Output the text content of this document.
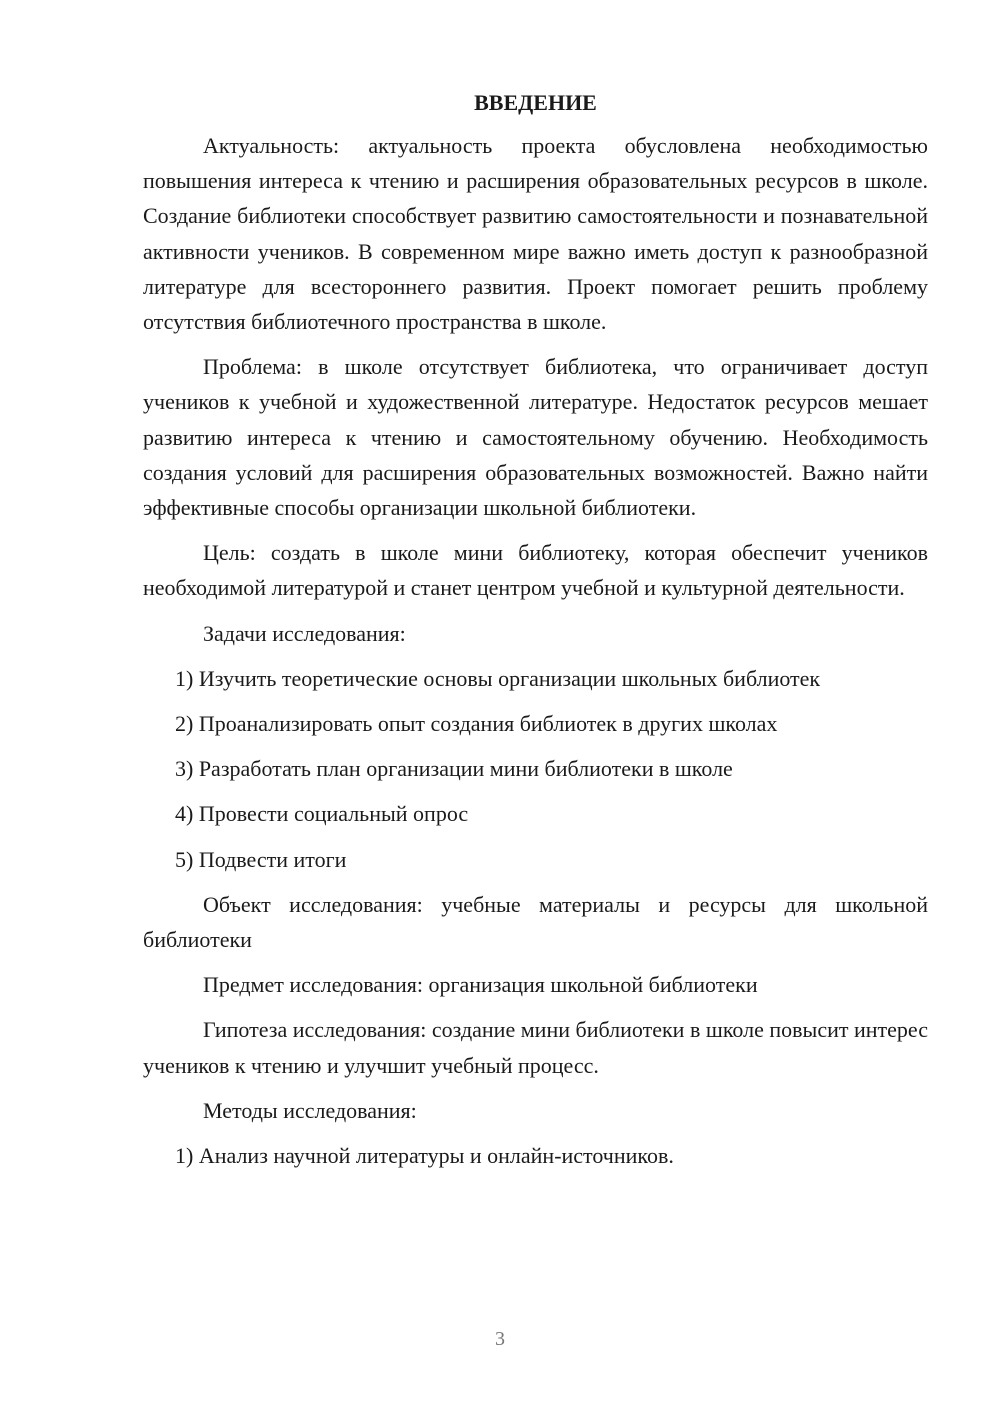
ВВЕДЕНИЕ

Актуальность: актуальность проекта обусловлена необходимостью повышения интереса к чтению и расширения образовательных ресурсов в школе. Создание библиотеки способствует развитию самостоятельности и познавательной активности учеников. В современном мире важно иметь доступ к разнообразной литературе для всестороннего развития. Проект помогает решить проблему отсутствия библиотечного пространства в школе.

Проблема: в школе отсутствует библиотека, что ограничивает доступ учеников к учебной и художественной литературе. Недостаток ресурсов мешает развитию интереса к чтению и самостоятельному обучению. Необходимость создания условий для расширения образовательных возможностей. Важно найти эффективные способы организации школьной библиотеки.

Цель: создать в школе мини библиотеку, которая обеспечит учеников необходимой литературой и станет центром учебной и культурной деятельности.

Задачи исследования:

1) Изучить теоретические основы организации школьных библиотек

2) Проанализировать опыт создания библиотек в других школах

3) Разработать план организации мини библиотеки в школе

4) Провести социальный опрос

5) Подвести итоги

Объект исследования: учебные материалы и ресурсы для школьной библиотеки

Предмет исследования: организация школьной библиотеки

Гипотеза исследования: создание мини библиотеки в школе повысит интерес учеников к чтению и улучшит учебный процесс.

Методы исследования:

1) Анализ научной литературы и онлайн-источников.

3
